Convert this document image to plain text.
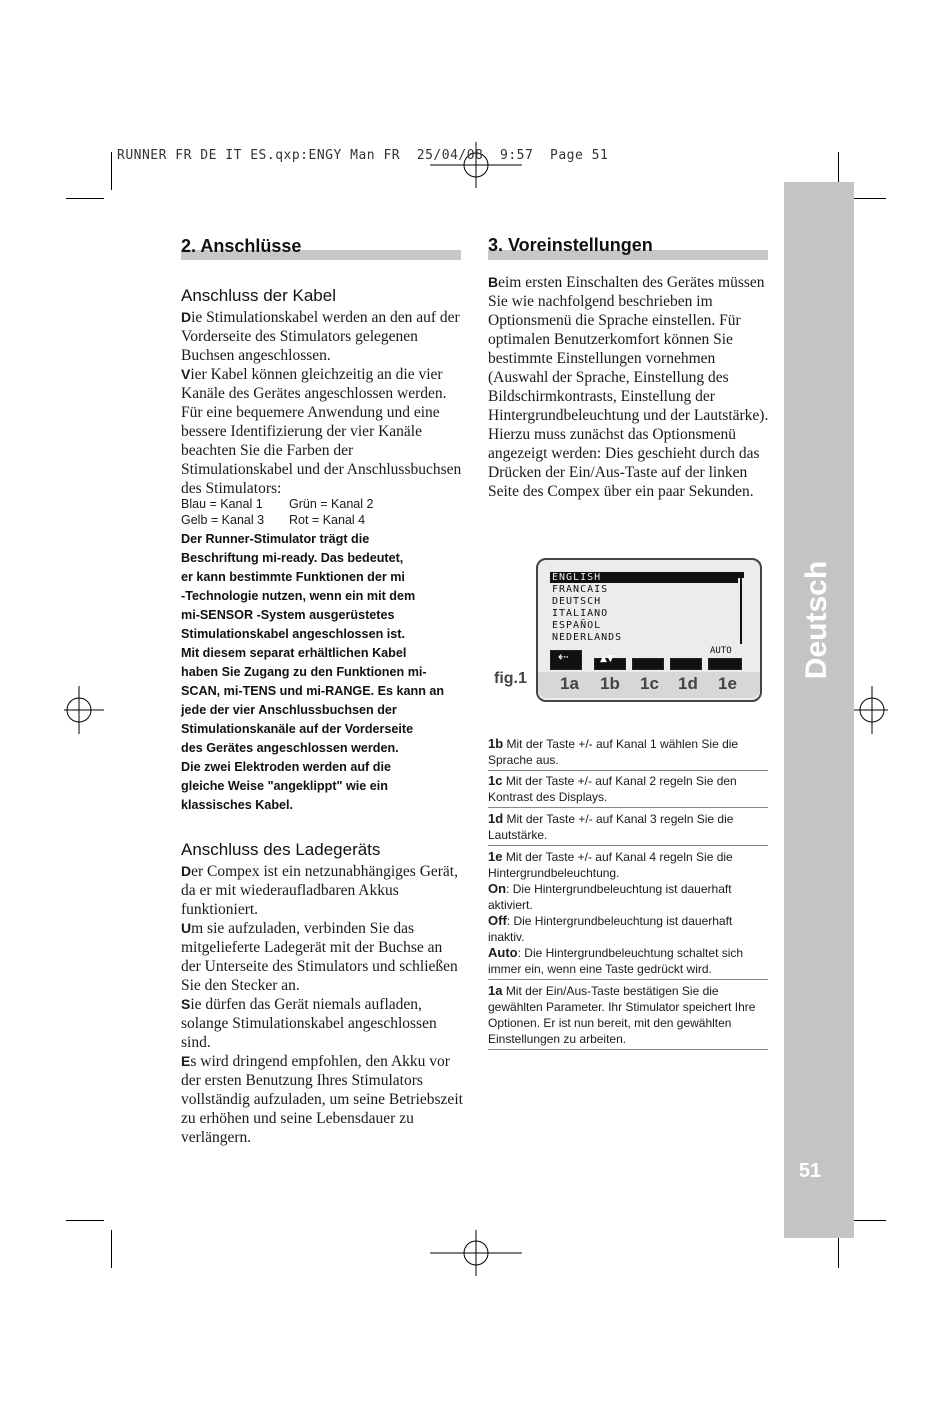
RUNNER FR DE IT ES.qxp:ENGY Man FR  25/04/08  9:57  Page 51
Deutsch
51
2. Anschlüsse
Anschluss der Kabel

Die Stimulationskabel werden an den auf der Vorderseite des Stimulators gelegenen Buchsen angeschlossen.

Vier Kabel können gleichzeitig an die vier Kanäle des Gerätes angeschlossen werden. Für eine bequemere Anwendung und eine bessere Identifizierung der vier Kanäle beachten Sie die Farben der Stimulationskabel und der Anschlussbuchsen des Stimulators:

Blau = Kanal 1 Grün = Kanal 2
Gelb = Kanal 3 Rot = Kanal 4
Der Runner-Stimulator trägt die
Beschriftung mi-ready. Das bedeutet,
er kann bestimmte Funktionen der mi
-Technologie nutzen, wenn ein mit dem
mi-SENSOR -System ausgerüstetes
Stimulationskabel angeschlossen ist.
Mit diesem separat erhältlichen Kabel
haben Sie Zugang zu den Funktionen mi-
SCAN, mi-TENS und mi-RANGE. Es kann an
jede der vier Anschlussbuchsen der
Stimulationskanäle auf der Vorderseite
des Gerätes angeschlossen werden.
Die zwei Elektroden werden auf die
gleiche Weise "angeklippt" wie ein
klassisches Kabel.
Anschluss des Ladegeräts

Der Compex ist ein netzunabhängiges Gerät, da er mit wiederaufladbaren Akkus funktioniert.

Um sie aufzuladen, verbinden Sie das mitgelieferte Ladegerät mit der Buchse an der Unterseite des Stimulators und schließen Sie den Stecker an.

Sie dürfen das Gerät niemals aufladen, solange Stimulationskabel angeschlossen sind.

Es wird dringend empfohlen, den Akku vor der ersten Benutzung Ihres Stimulators vollständig aufzuladen, um seine Betriebszeit zu erhöhen und seine Lebensdauer zu verlängern.

3. Voreinstellungen

Beim ersten Einschalten des Gerätes müssen Sie wie nachfolgend beschrieben im Optionsmenü die Sprache einstellen. Für optimalen Benutzerkomfort können Sie bestimmte Einstellungen vornehmen (Auswahl der Sprache, Einstellung des Bildschirmkontrasts, Einstellung der Hintergrundbeleuchtung und der Lautstärke). Hierzu muss zunächst das Optionsmenü angezeigt werden: Dies geschieht durch das Drücken der Ein/Aus-Taste auf der linken Seite des Compex über ein paar Sekunden.

fig.1
ENGLISH
FRANCAIS
DEUTSCH
ITALIANO
ESPAÑOL
NEDERLANDS
⇠	▲▼
AUTO
1a 1b 1c 1d 1e
1b Mit der Taste +/- auf Kanal 1 wählen Sie die Sprache aus.
1c Mit der Taste +/- auf Kanal 2 regeln Sie den Kontrast des Displays.
1d Mit der Taste +/- auf Kanal 3 regeln Sie die Lautstärke.
1e Mit der Taste +/- auf Kanal 4 regeln Sie die Hintergrundbeleuchtung.
On: Die Hintergrundbeleuchtung ist dauerhaft aktiviert.
Off: Die Hintergrundbeleuchtung ist dauerhaft inaktiv.
Auto: Die Hintergrundbeleuchtung schaltet sich immer ein, wenn eine Taste gedrückt wird.
1a Mit der Ein/Aus-Taste bestätigen Sie die gewählten Parameter. Ihr Stimulator speichert Ihre Optionen. Er ist nun bereit, mit den gewählten Einstellungen zu arbeiten.
